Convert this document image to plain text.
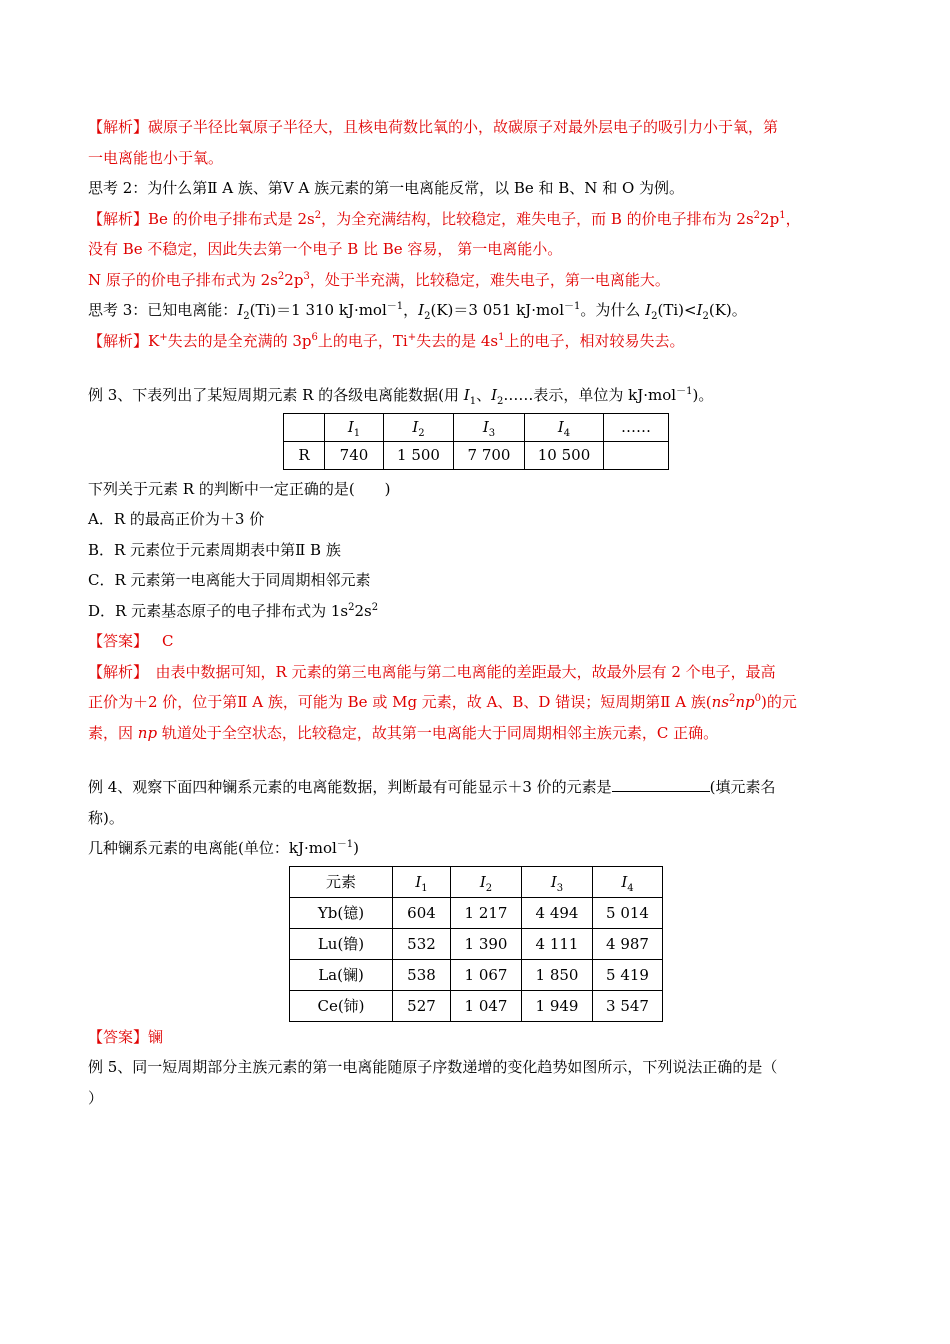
【解析】碳原子半径比氧原子半径大，且核电荷数比氧的小，故碳原子对最外层电子的吸引力小于氧，第
一电离能也小于氧。
思考 2：为什么第Ⅱ A 族、第Ⅴ A 族元素的第一电离能反常，以 Be 和 B、N 和 O 为例。
【解析】Be 的价电子排布式是 $2s^2$，为全充满结构，比较稳定，难失电子，而 B 的价电子排布为 $2s^22p^1$，
没有 Be 不稳定，因此失去第一个电子 B 比 Be 容易， 第一电离能小。
N 原子的价电子排布式为 $2s^22p^3$，处于半充满，比较稳定，难失电子，第一电离能大。
思考 3：已知电离能：$I_2(Ti)=1$ 310 kJ·mol$^{-1}$，$I_2(K)=3$ 051 kJ·mol$^{-1}$。为什么 $I_2(Ti)<I_2(K)$。
【解析】K+失去的是全充满的 $3p^6$上的电子，Ti+失去的是 $4s^1$上的电子，相对较易失去。
例 3、下表列出了某短周期元素 R 的各级电离能数据(用 $I_1$、$I_2\dots\dots$表示，单位为 kJ·mol$^{-1}$)。
	$I_1$	$I_2$	$I_3$	$I_4$	……
R	740	1 500	7 700	10 500	
下列关于元素 R 的判断中一定正确的是(　　)
A．R 的最高正价为＋3 价
B．R 元素位于元素周期表中第Ⅱ B 族
C．R 元素第一电离能大于同周期相邻元素
D．R 元素基态原子的电子排布式为 $1s^22s^2$
【答案】 C
【解析】　由表中数据可知，R 元素的第三电离能与第二电离能的差距最大，故最外层有 2 个电子，最高
正价为＋2 价，位于第Ⅱ A 族，可能为 Be 或 Mg 元素，故 A、B、D 错误；短周期第Ⅱ A 族$(ns^2np^0)$的元
素，因 np 轨道处于全空状态，比较稳定，故其第一电离能大于同周期相邻主族元素，C 正确。
例 4、观察下面四种镧系元素的电离能数据，判断最有可能显示＋3 价的元素是	(填元素名
称)。
几种镧系元素的电离能(单位：kJ·mol$^{-1}$)
元素	$I_1$	$I_2$	$I_3$	$I_4$
Yb(镱)	604	1 217	4 494	5 014
Lu(镥)	532	1 390	4 111	4 987
La(镧)	538	1 067	1 850	5 419
Ce(铈)	527	1 047	1 949	3 547
【答案】镧
例 5、同一短周期部分主族元素的第一电离能随原子序数递增的变化趋势如图所示，下列说法正确的是（
）
